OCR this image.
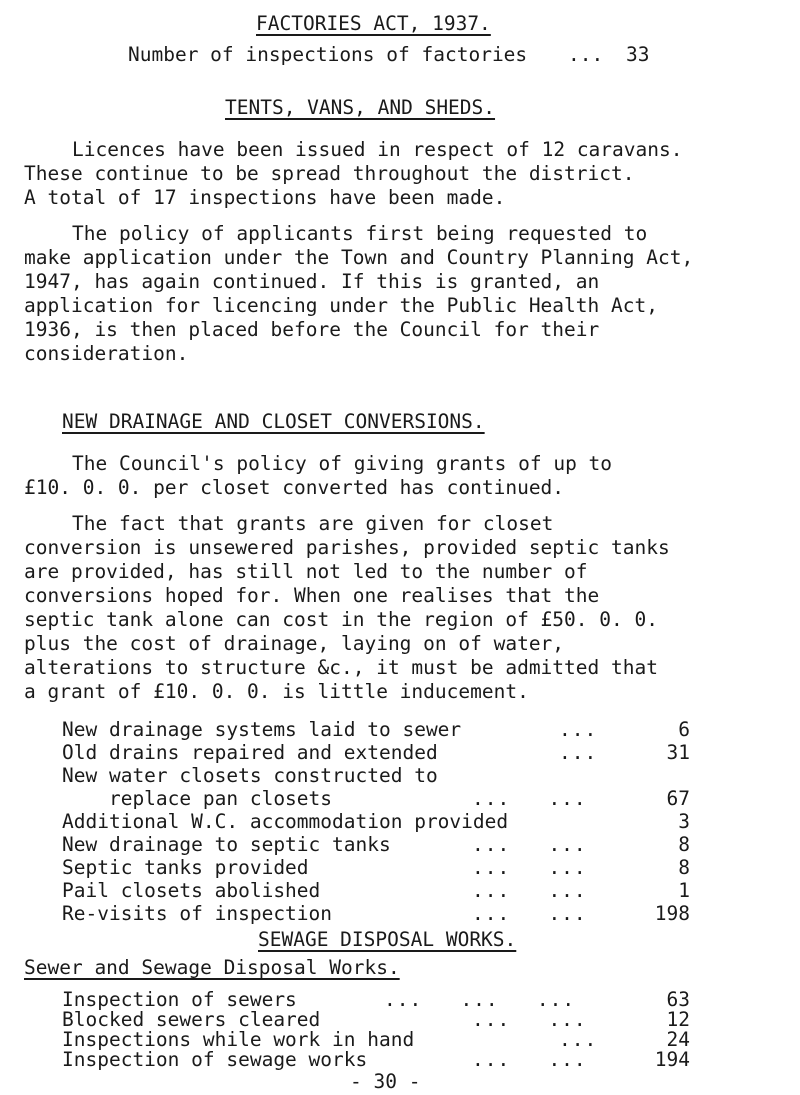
FACTORIES ACT, 1937.
Number of inspections of factories ... 33
TENTS, VANS, AND SHEDS.
Licences have been issued in respect of 12 caravans.
These continue to be spread throughout the district.
A total of 17 inspections have been made.
The policy of applicants first being requested to
make application under the Town and Country Planning Act,
1947, has again continued. If this is granted, an
application for licencing under the Public Health Act,
1936, is then placed before the Council for their
consideration.
NEW DRAINAGE AND CLOSET CONVERSIONS.
The Council's policy of giving grants of up to
£10. 0. 0. per closet converted has continued.
The fact that grants are given for closet
conversion is unsewered parishes, provided septic tanks
are provided, has still not led to the number of
conversions hoped for. When one realises that the
septic tank alone can cost in the region of £50. 0. 0.
plus the cost of drainage, laying on of water,
alterations to structure &c., it must be admitted that
a grant of £10. 0. 0. is little inducement.
New drainage systems laid to sewer	...	6
Old drains repaired and extended	...	31
New water closets constructed to
replace pan closets	...   ...	67
Additional W.C. accommodation provided	3
New drainage to septic tanks	...   ...	8
Septic tanks provided	...   ...	8
Pail closets abolished	...   ...	1
Re-visits of inspection	...   ...	198
SEWAGE DISPOSAL WORKS.
Sewer and Sewage Disposal Works.
Inspection of sewers	...   ...   ...	63
Blocked sewers cleared	...   ...	12
Inspections while work in hand	...	24
Inspection of sewage works	...   ...	194
- 30 -
